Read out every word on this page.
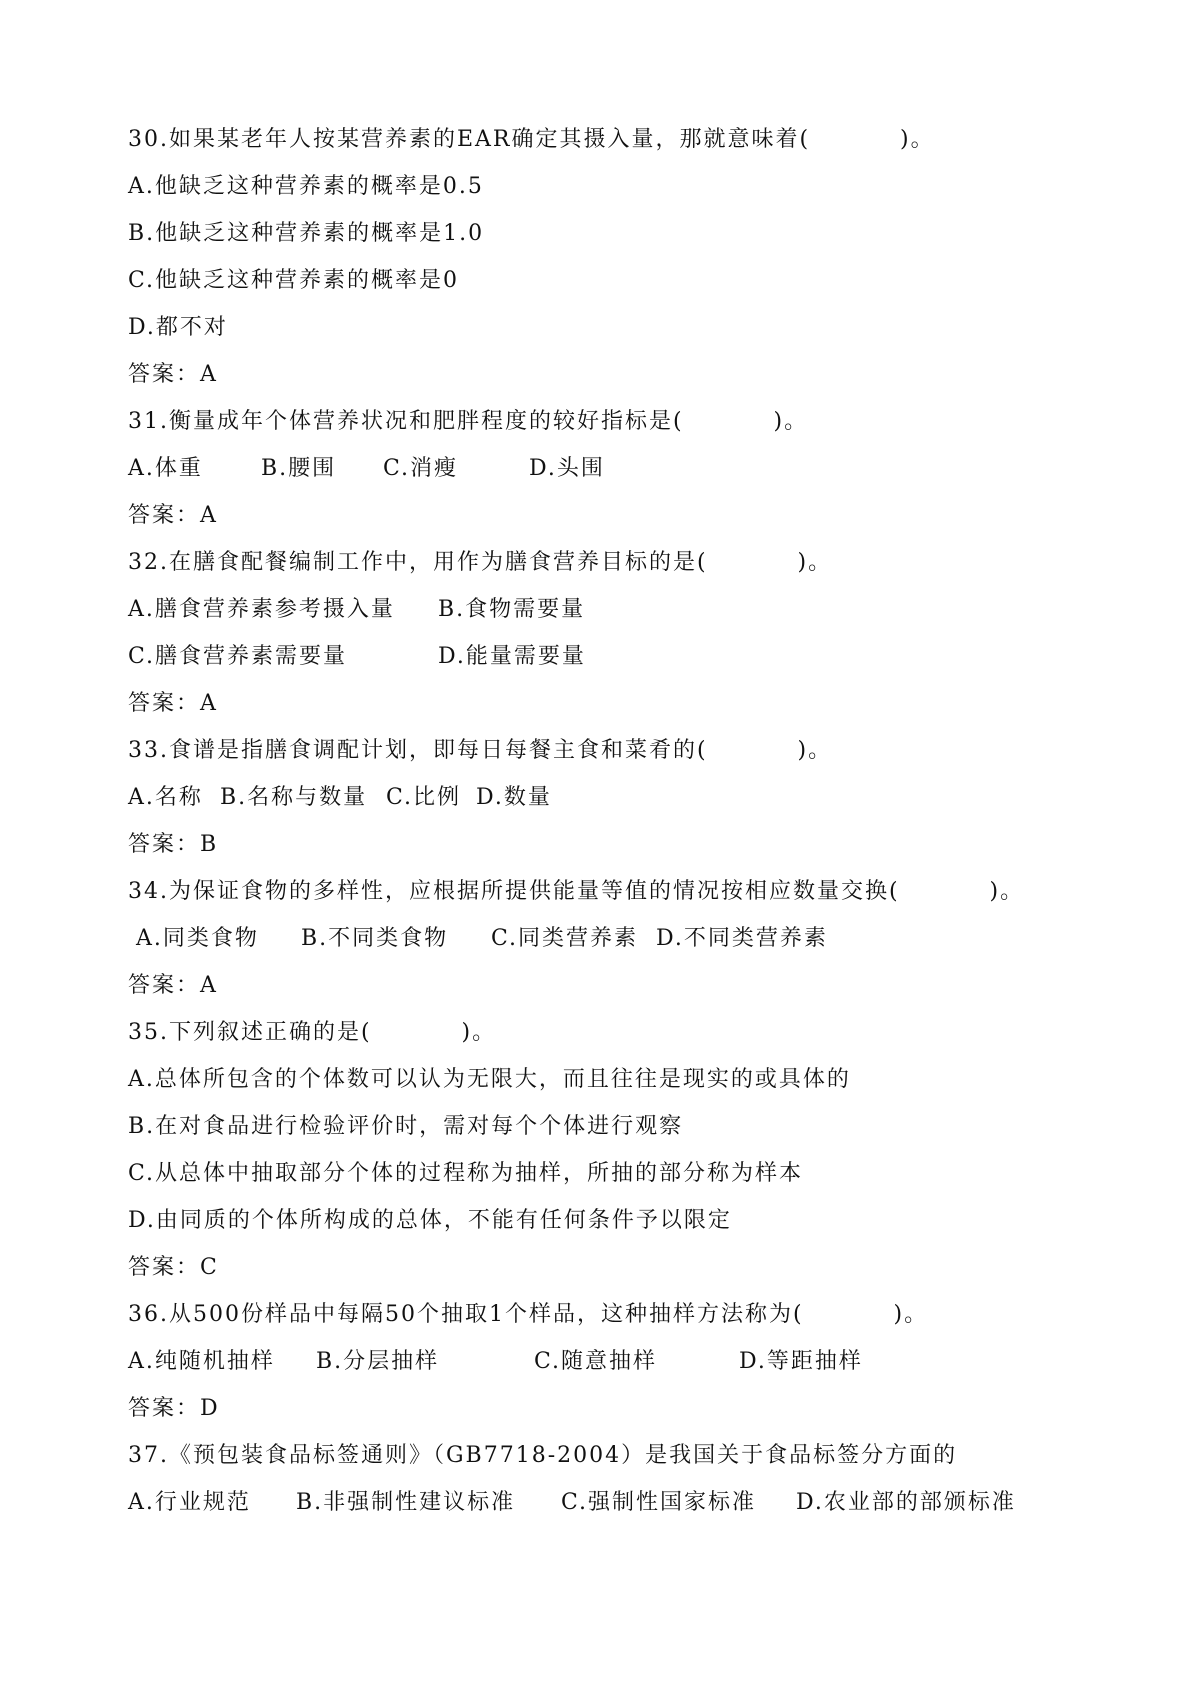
30.如果某老年人按某营养素的EAR确定其摄入量，那就意味着(          )。
A.他缺乏这种营养素的概率是0.5
B.他缺乏这种营养素的概率是1.0
C.他缺乏这种营养素的概率是0
D.都不对
答案：A
31.衡量成年个体营养状况和肥胖程度的较好指标是(          )。
A.体重	B.腰围	C.消瘦	D.头围
答案：A
32.在膳食配餐编制工作中，用作为膳食营养目标的是(          )。
A.膳食营养素参考摄入量	B.食物需要量
C.膳食营养素需要量	D.能量需要量
答案：A
33.食谱是指膳食调配计划，即每日每餐主食和菜肴的(          )。
A.名称 B.名称与数量 C.比例 D.数量
答案：B
34.为保证食物的多样性，应根据所提供能量等值的情况按相应数量交换(          )。
A.同类食物	B.不同类食物	C.同类营养素 D.不同类营养素
答案：A
35.下列叙述正确的是(          )。
A.总体所包含的个体数可以认为无限大，而且往往是现实的或具体的
B.在对食品进行检验评价时，需对每个个体进行观察
C.从总体中抽取部分个体的过程称为抽样，所抽的部分称为样本
D.由同质的个体所构成的总体，不能有任何条件予以限定
答案：C
36.从500份样品中每隔50个抽取1个样品，这种抽样方法称为(          )。
A.纯随机抽样	B.分层抽样	C.随意抽样	D.等距抽样
答案：D
37.《预包装食品标签通则》（GB7718-2004）是我国关于食品标签分方面的
A.行业规范	B.非强制性建议标准	C.强制性国家标准	D.农业部的部颁标准
